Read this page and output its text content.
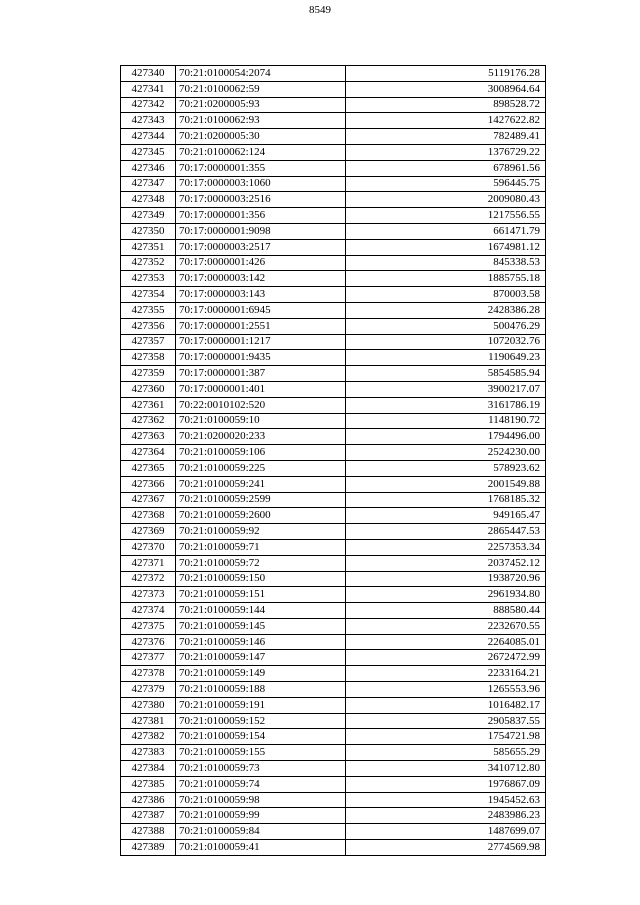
8549
427340	70:21:0100054:2074	5119176.28
427341	70:21:0100062:59	3008964.64
427342	70:21:0200005:93	898528.72
427343	70:21:0100062:93	1427622.82
427344	70:21:0200005:30	782489.41
427345	70:21:0100062:124	1376729.22
427346	70:17:0000001:355	678961.56
427347	70:17:0000003:1060	596445.75
427348	70:17:0000003:2516	2009080.43
427349	70:17:0000001:356	1217556.55
427350	70:17:0000001:9098	661471.79
427351	70:17:0000003:2517	1674981.12
427352	70:17:0000001:426	845338.53
427353	70:17:0000003:142	1885755.18
427354	70:17:0000003:143	870003.58
427355	70:17:0000001:6945	2428386.28
427356	70:17:0000001:2551	500476.29
427357	70:17:0000001:1217	1072032.76
427358	70:17:0000001:9435	1190649.23
427359	70:17:0000001:387	5854585.94
427360	70:17:0000001:401	3900217.07
427361	70:22:0010102:520	3161786.19
427362	70:21:0100059:10	1148190.72
427363	70:21:0200020:233	1794496.00
427364	70:21:0100059:106	2524230.00
427365	70:21:0100059:225	578923.62
427366	70:21:0100059:241	2001549.88
427367	70:21:0100059:2599	1768185.32
427368	70:21:0100059:2600	949165.47
427369	70:21:0100059:92	2865447.53
427370	70:21:0100059:71	2257353.34
427371	70:21:0100059:72	2037452.12
427372	70:21:0100059:150	1938720.96
427373	70:21:0100059:151	2961934.80
427374	70:21:0100059:144	888580.44
427375	70:21:0100059:145	2232670.55
427376	70:21:0100059:146	2264085.01
427377	70:21:0100059:147	2672472.99
427378	70:21:0100059:149	2233164.21
427379	70:21:0100059:188	1265553.96
427380	70:21:0100059:191	1016482.17
427381	70:21:0100059:152	2905837.55
427382	70:21:0100059:154	1754721.98
427383	70:21:0100059:155	585655.29
427384	70:21:0100059:73	3410712.80
427385	70:21:0100059:74	1976867.09
427386	70:21:0100059:98	1945452.63
427387	70:21:0100059:99	2483986.23
427388	70:21:0100059:84	1487699.07
427389	70:21:0100059:41	2774569.98
